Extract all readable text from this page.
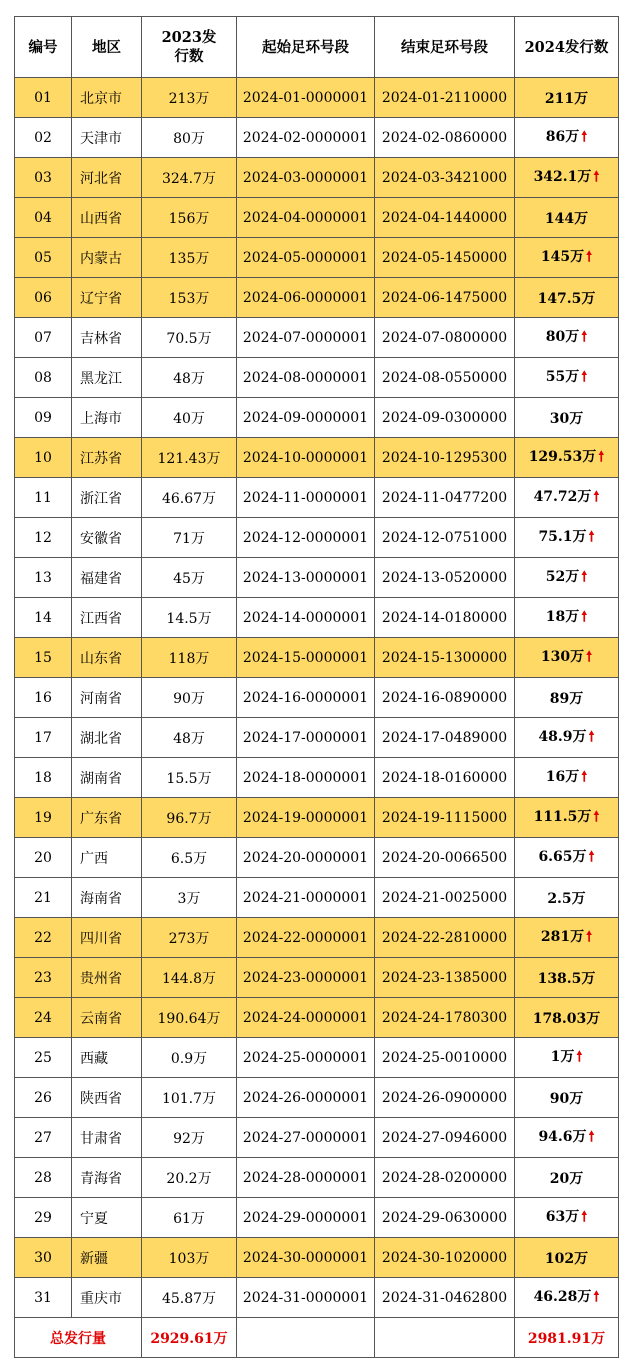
编号	地区	2023发行数	起始足环号段	结束足环号段	2024发行数
01	北京市	213万	2024-01-0000001	2024-01-2110000	211万
02	天津市	80万	2024-02-0000001	2024-02-0860000	86万 🠕
03	河北省	324.7万	2024-03-0000001	2024-03-3421000	342.1万 🠕
04	山西省	156万	2024-04-0000001	2024-04-1440000	144万
05	内蒙古	135万	2024-05-0000001	2024-05-1450000	145万 🠕
06	辽宁省	153万	2024-06-0000001	2024-06-1475000	147.5万
07	吉林省	70.5万	2024-07-0000001	2024-07-0800000	80万 🠕
08	黑龙江	48万	2024-08-0000001	2024-08-0550000	55万 🠕
09	上海市	40万	2024-09-0000001	2024-09-0300000	30万
10	江苏省	121.43万	2024-10-0000001	2024-10-1295300	129.53万 🠕
11	浙江省	46.67万	2024-11-0000001	2024-11-0477200	47.72万 🠕
12	安徽省	71万	2024-12-0000001	2024-12-0751000	75.1万 🠕
13	福建省	45万	2024-13-0000001	2024-13-0520000	52万 🠕
14	江西省	14.5万	2024-14-0000001	2024-14-0180000	18万 🠕
15	山东省	118万	2024-15-0000001	2024-15-1300000	130万 🠕
16	河南省	90万	2024-16-0000001	2024-16-0890000	89万
17	湖北省	48万	2024-17-0000001	2024-17-0489000	48.9万 🠕
18	湖南省	15.5万	2024-18-0000001	2024-18-0160000	16万 🠕
19	广东省	96.7万	2024-19-0000001	2024-19-1115000	111.5万 🠕
20	广西	6.5万	2024-20-0000001	2024-20-0066500	6.65万 🠕
21	海南省	3万	2024-21-0000001	2024-21-0025000	2.5万
22	四川省	273万	2024-22-0000001	2024-22-2810000	281万 🠕
23	贵州省	144.8万	2024-23-0000001	2024-23-1385000	138.5万
24	云南省	190.64万	2024-24-0000001	2024-24-1780300	178.03万
25	西藏	0.9万	2024-25-0000001	2024-25-0010000	1万 🠕
26	陕西省	101.7万	2024-26-0000001	2024-26-0900000	90万
27	甘肃省	92万	2024-27-0000001	2024-27-0946000	94.6万 🠕
28	青海省	20.2万	2024-28-0000001	2024-28-0200000	20万
29	宁夏	61万	2024-29-0000001	2024-29-0630000	63万 🠕
30	新疆	103万	2024-30-0000001	2024-30-1020000	102万
31	重庆市	45.87万	2024-31-0000001	2024-31-0462800	46.28万 🠕
总发行量		2929.61万			2981.91万
